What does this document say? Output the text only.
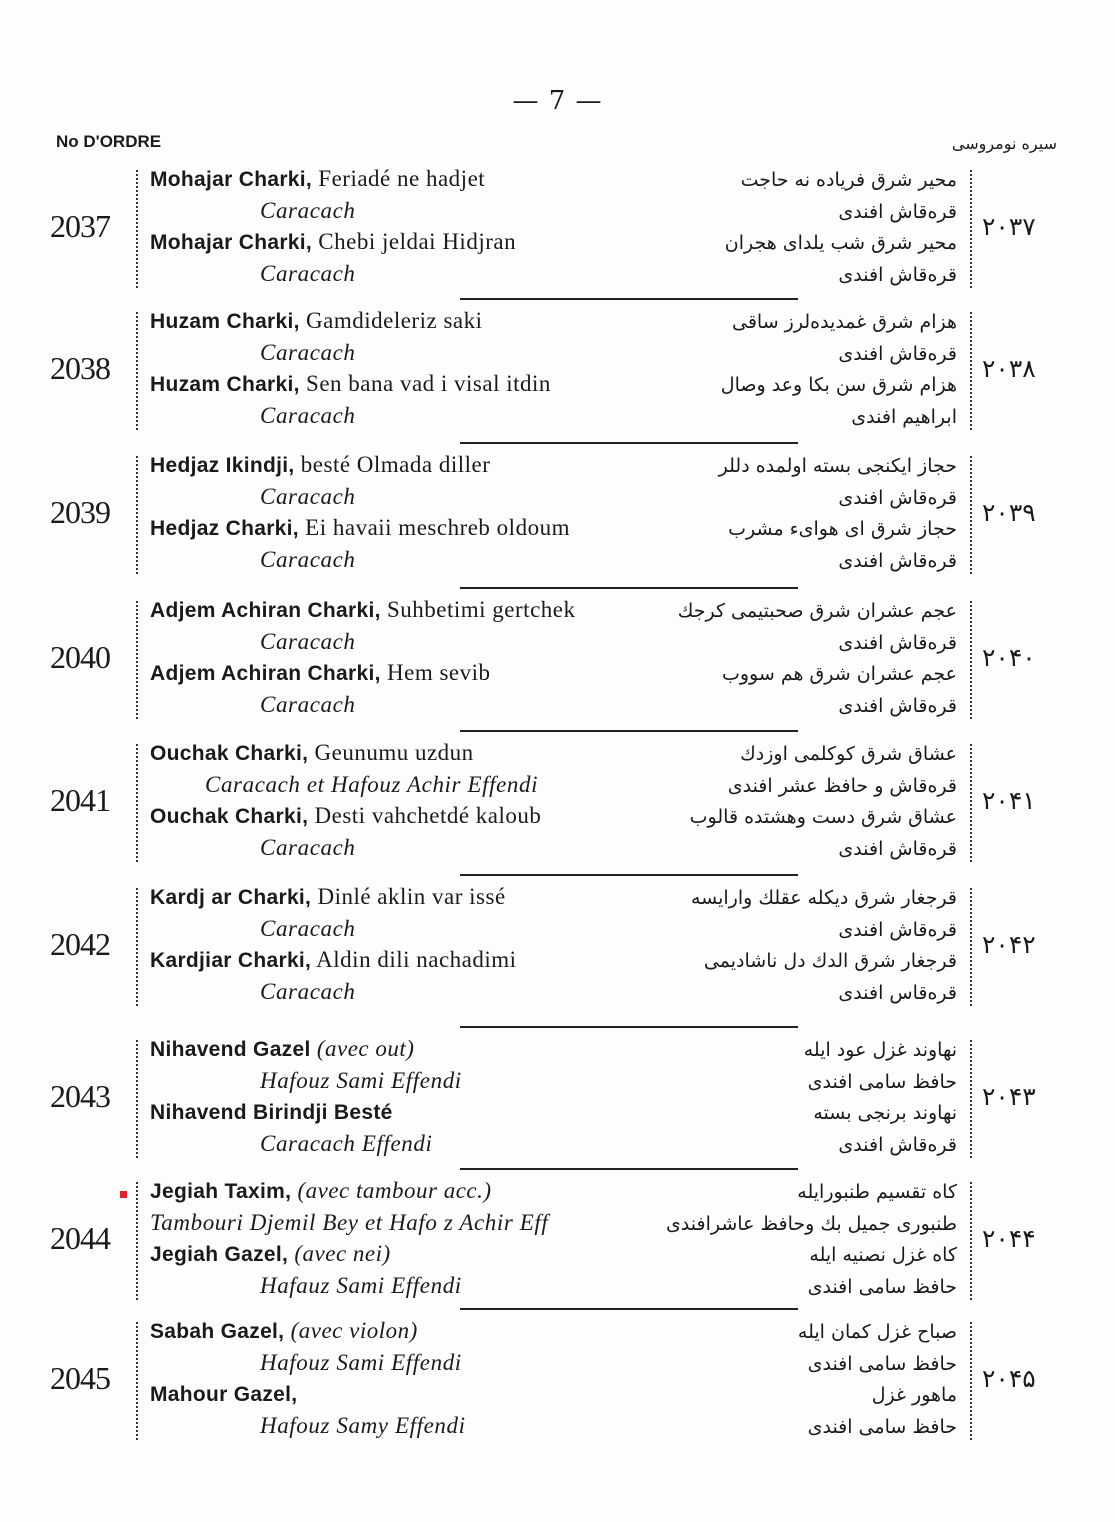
— 7 —
No D'ORDRE	سيره نومروسى
2037	۲۰۳۷
Mohajar Charki, Feriadé ne hadjet	محير شرق فرياده نه حاجت
Caracach	قره‌قاش افندى
Mohajar Charki, Chebi jeldai Hidjran	محير شرق شب يلداى هجران
Caracach	قره‌قاش افندى
2038	۲۰۳۸
Huzam Charki, Gamdideleriz saki	هزام شرق غمديده‌لرز ساقى
Caracach	قره‌قاش افندى
Huzam Charki, Sen bana vad i visal itdin	هزام شرق سن بكا وعد وصال
Caracach	ابراهيم افندى
2039	۲۰۳۹
Hedjaz Ikindji, besté Olmada diller	حجاز ايكنجى بسته اولمده دللر
Caracach	قره‌قاش افندى
Hedjaz Charki, Ei havaii meschreb oldoum	حجاز شرق اى هواىء مشرب
Caracach	قره‌قاش افندى
2040	۲۰۴۰
Adjem Achiran Charki, Suhbetimi gertchek	عجم عشران شرق صحبتيمى كرجك
Caracach	قره‌قاش افندى
Adjem Achiran Charki, Hem sevib	عجم عشران شرق هم سووب
Caracach	قره‌قاش افندى
2041	۲۰۴۱
Ouchak Charki, Geunumu uzdun	عشاق شرق كوكلمى اوزدك
Caracach et Hafouz Achir Effendi	قره‌قاش و حافظ عشر افندى
Ouchak Charki, Desti vahchetdé kaloub	عشاق شرق دست وهشتده قالوب
Caracach	قره‌قاش افندى
2042	۲۰۴۲
Kardj ar Charki, Dinlé aklin var issé	قرجغار شرق ديكله عقلك وارايسه
Caracach	قره‌قاش افندى
Kardjiar Charki, Aldin dili nachadimi	قرجغار شرق الدك دل ناشاديمى
Caracach	قره‌قاس افندى
2043	۲۰۴۳
Nihavend Gazel (avec out)	نهاوند غزل عود ايله
Hafouz Sami Effendi	حافظ سامى افندى
Nihavend Birindji Besté	نهاوند برنجى بسته
Caracach Effendi	قره‌قاش افندى
2044	۲۰۴۴
Jegiah Taxim, (avec tambour acc.)	كاه تقسيم طنبورايله
Tambouri Djemil Bey et Hafo z Achir Eff	طنبورى جميل بك وحافظ عاشرافندى
Jegiah Gazel, (avec nei)	كاه غزل نصنيه ايله
Hafauz Sami Effendi	حافظ سامى افندى
2045	۲۰۴۵
Sabah Gazel, (avec violon)	صباح غزل كمان ايله
Hafouz Sami Effendi	حافظ سامى افندى
Mahour Gazel,	ماهور غزل
Hafouz Samy Effendi	حافظ سامى افندى
